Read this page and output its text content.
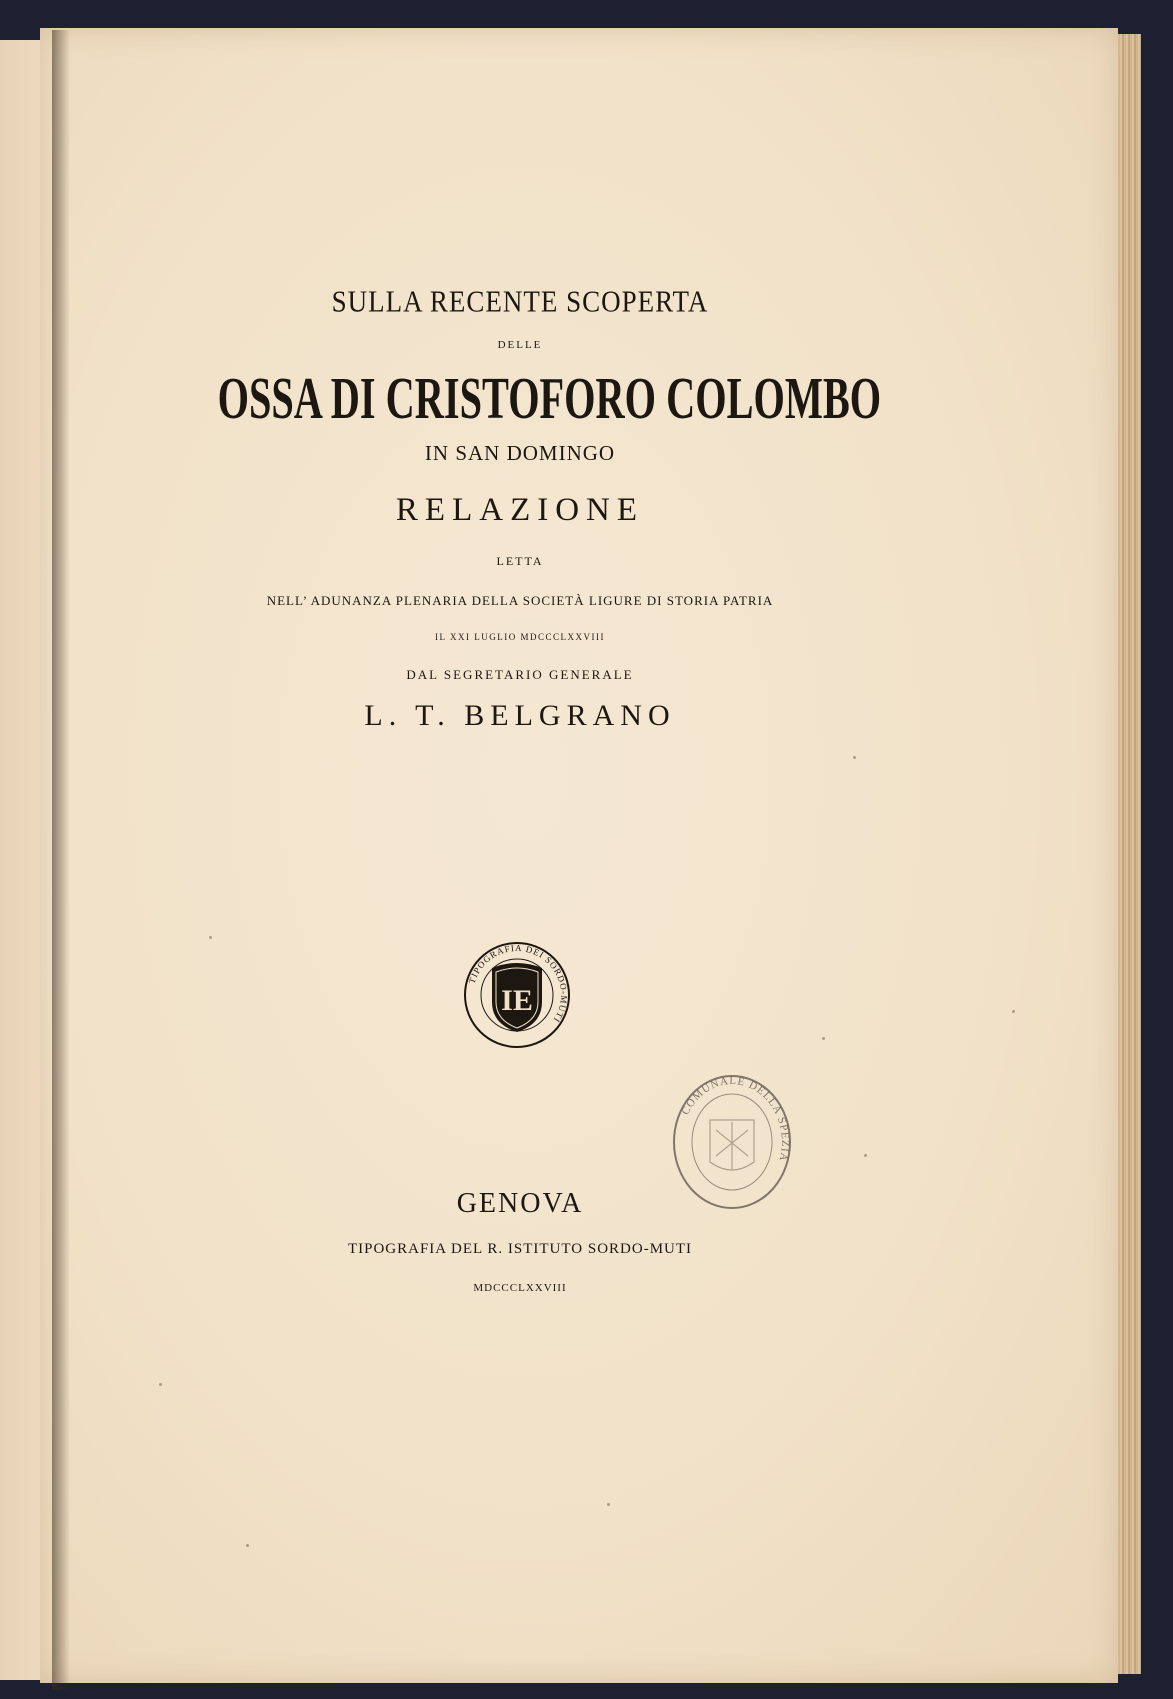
SULLA RECENTE SCOPERTA

DELLE

OSSA DI CRISTOFORO COLOMBO

IN SAN DOMINGO

RELAZIONE

LETTA

NELL’ ADUNANZA PLENARIA DELLA SOCIETÀ LIGURE DI STORIA PATRIA

IL XXI LUGLIO MDCCCLXXVIII

DAL SEGRETARIO GENERALE

L. T. BELGRANO

TIPOGRAFIA DEI SORDO-MUTI
IE
COMUNALE DELLA SPEZIA

GENOVA

TIPOGRAFIA DEL R. ISTITUTO SORDO-MUTI

MDCCCLXXVIII
